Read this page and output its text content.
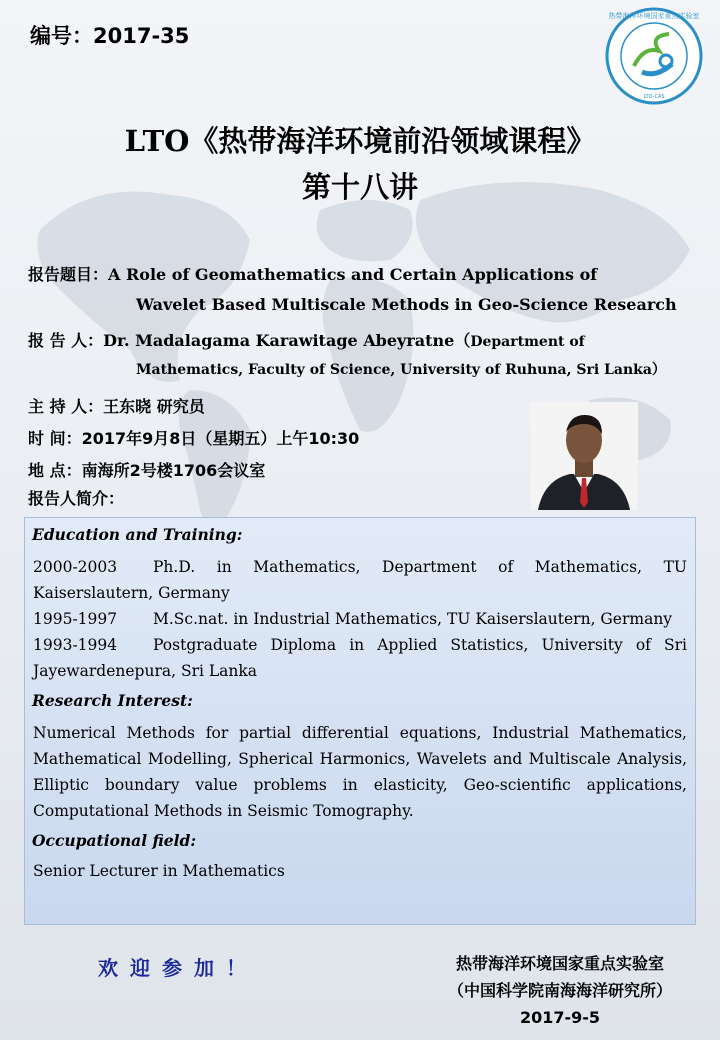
编号：2017-35
热带海洋环境国家重点实验室
LTO-CAS
LTO《热带海洋环境前沿领域课程》
第十八讲
报告题目：A Role of Geomathematics and Certain Applications of
Wavelet Based Multiscale Methods in Geo-Science Research
报 告 人：Dr. Madalagama Karawitage Abeyratne（Department of
Mathematics, Faculty of Science, University of Ruhuna, Sri Lanka）
主 持 人：王东晓 研究员
时 间：2017年9月8日（星期五）上午10:30
地 点：南海所2号楼1706会议室
报告人简介：
Education and Training:

2000-2003 Ph.D. in Mathematics, Department of Mathematics, TU Kaiserslautern, Germany

1995-1997 M.Sc.nat. in Industrial Mathematics, TU Kaiserslautern, Germany

1993-1994 Postgraduate Diploma in Applied Statistics, University of Sri Jayewardenepura, Sri Lanka

Research Interest:

Numerical Methods for partial differential equations, Industrial Mathematics, Mathematical Modelling, Spherical Harmonics, Wavelets and Multiscale Analysis, Elliptic boundary value problems in elasticity, Geo-scientific applications, Computational Methods in Seismic Tomography.

Occupational field:

Senior Lecturer in Mathematics

欢迎参加！	热带海洋环境国家重点实验室
（中国科学院南海海洋研究所）
2017-9-5
